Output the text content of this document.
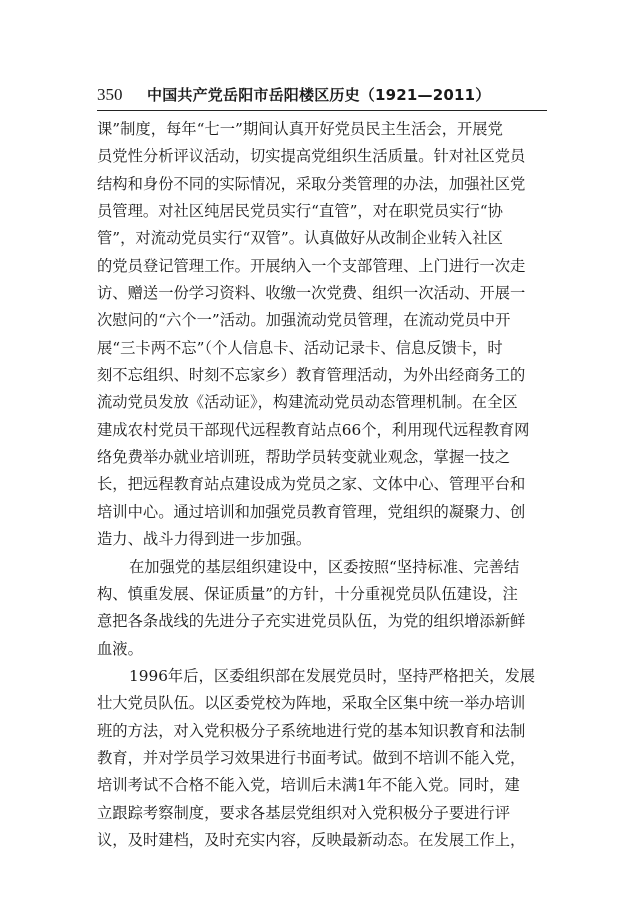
350 中国共产党岳阳市岳阳楼区历史（1921—2011）
课”制度，每年“七一”期间认真开好党员民主生活会，开展党
员党性分析评议活动，切实提高党组织生活质量。针对社区党员
结构和身份不同的实际情况，采取分类管理的办法，加强社区党
员管理。对社区纯居民党员实行“直管”，对在职党员实行“协
管”，对流动党员实行“双管”。认真做好从改制企业转入社区
的党员登记管理工作。开展纳入一个支部管理、上门进行一次走
访、赠送一份学习资料、收缴一次党费、组织一次活动、开展一
次慰问的“六个一”活动。加强流动党员管理，在流动党员中开
展“三卡两不忘”（个人信息卡、活动记录卡、信息反馈卡，时
刻不忘组织、时刻不忘家乡）教育管理活动，为外出经商务工的
流动党员发放《活动证》，构建流动党员动态管理机制。在全区
建成农村党员干部现代远程教育站点66个，利用现代远程教育网
络免费举办就业培训班，帮助学员转变就业观念，掌握一技之
长，把远程教育站点建设成为党员之家、文体中心、管理平台和
培训中心。通过培训和加强党员教育管理，党组织的凝聚力、创
造力、战斗力得到进一步加强。
在加强党的基层组织建设中，区委按照“坚持标准、完善结
构、慎重发展、保证质量”的方针，十分重视党员队伍建设，注
意把各条战线的先进分子充实进党员队伍，为党的组织增添新鲜
血液。
1996年后，区委组织部在发展党员时，坚持严格把关，发展
壮大党员队伍。以区委党校为阵地，采取全区集中统一举办培训
班的方法，对入党积极分子系统地进行党的基本知识教育和法制
教育，并对学员学习效果进行书面考试。做到不培训不能入党，
培训考试不合格不能入党，培训后未满1年不能入党。同时，建
立跟踪考察制度，要求各基层党组织对入党积极分子要进行评
议，及时建档，及时充实内容，反映最新动态。在发展工作上，
